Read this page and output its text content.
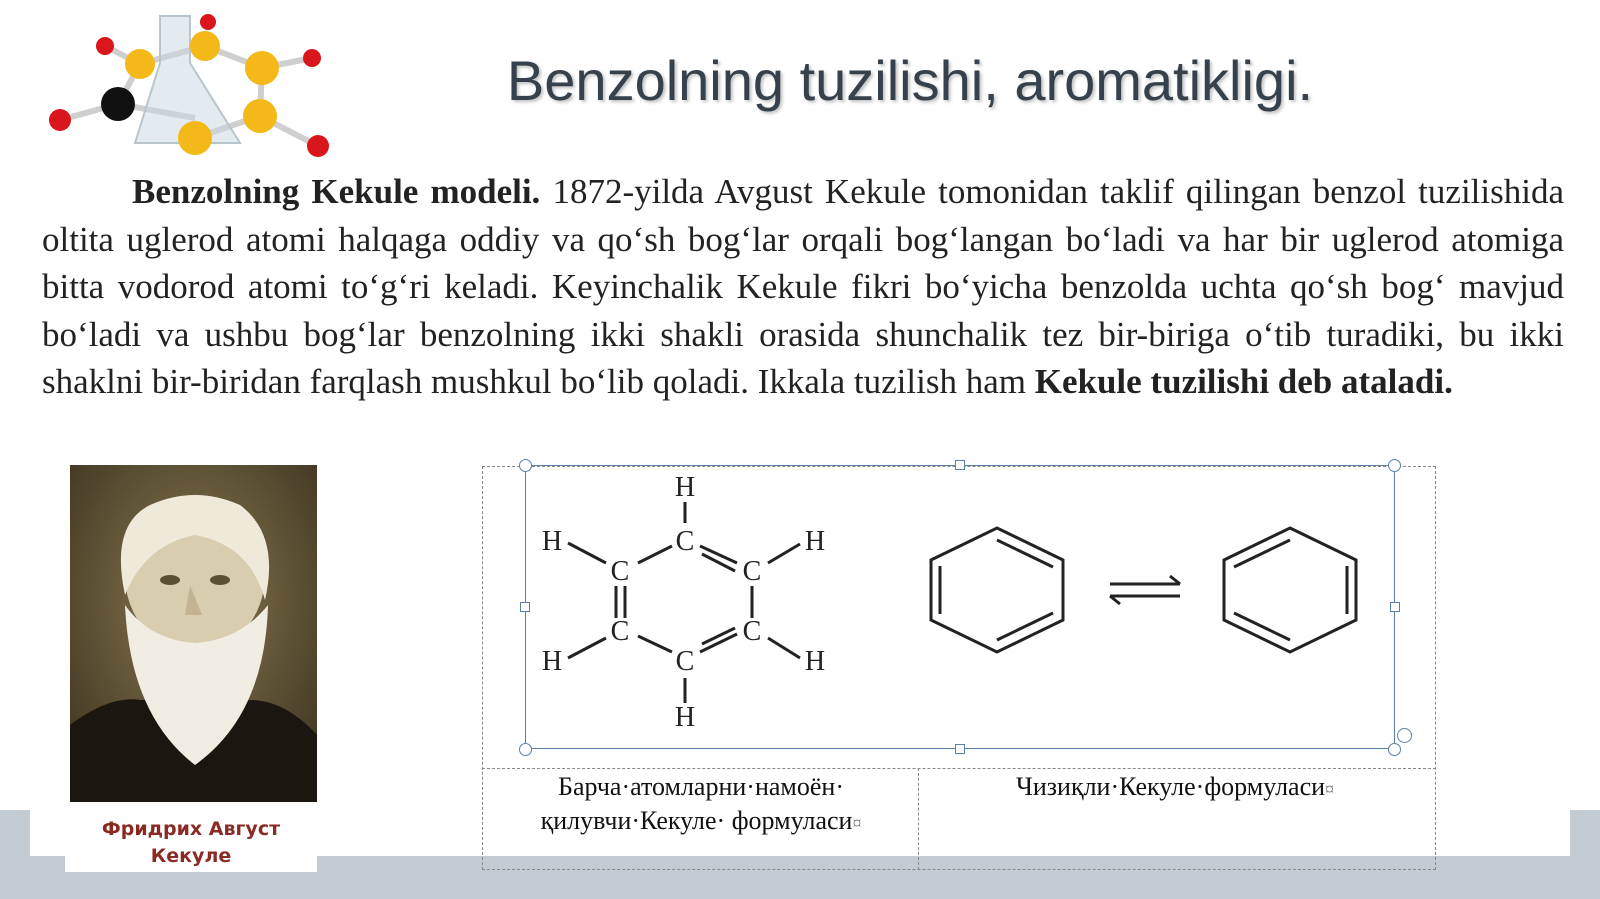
Benzolning tuzilishi, aromatikligi.
Benzolning Kekule modeli. 1872-yilda Avgust Kekule tomonidan taklif qilingan benzol tuzilishida oltita uglerod atomi halqaga oddiy va qo‘sh bog‘lar orqali bog‘langan bo‘ladi va har bir uglerod atomiga bitta vodorod atomi to‘g‘ri keladi. Keyinchalik Kekule fikri bo‘yicha benzolda uchta qo‘sh bog‘ mavjud bo‘ladi va ushbu bog‘lar benzolning ikki shakli orasida shunchalik tez bir-biriga o‘tib turadiki, bu ikki shaklni bir-biridan farqlash mushkul bo‘lib qoladi. Ikkala tuzilish ham Kekule tuzilishi deb ataladi.
Фридрих Август
Кекуле
H
C
H	H
C	C
C	C
H	H
C
H
Барча·атомларни·намоён· қилувчи·Кекуле· формуласи¤
Чизиқли·Кекуле·формуласи¤
